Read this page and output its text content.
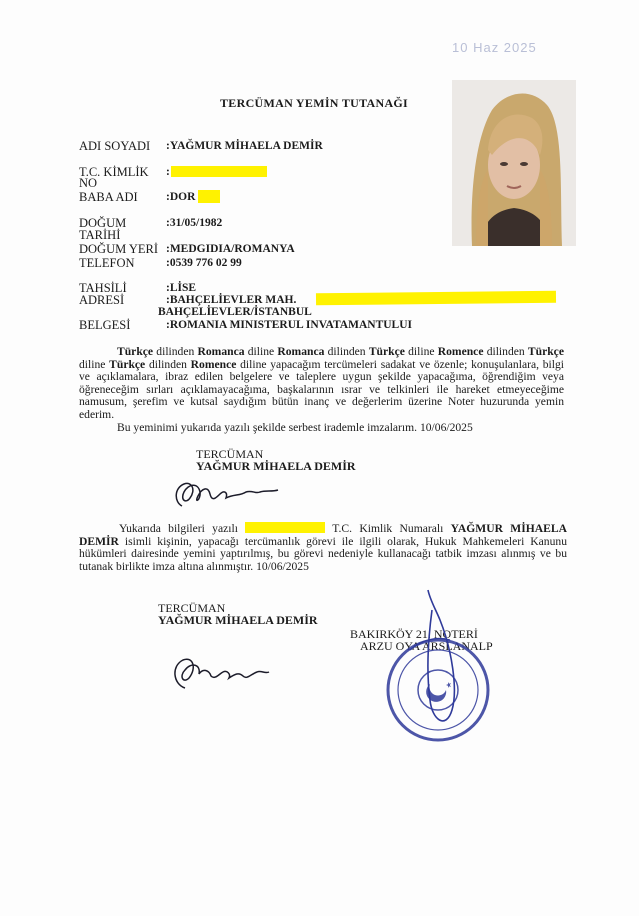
10 Haz 2025
TERCÜMAN YEMİN TUTANAĞI
ADI SOYADI :YAĞMUR MİHAELA DEMİR
T.C. KİMLİK :
NO
BABA ADI :DOR
DOĞUM	:31/05/1982
TARİHİ
DOĞUM YERİ :MEDGIDIA/ROMANYA
TELEFON	:0539 776 02 99
TAHSİLİ	:LİSE
ADRESİ	:BAHÇELİEVLER MAH.
BAHÇELİEVLER/İSTANBUL
BELGESİ	:ROMANIA MINISTERUL INVATAMANTULUI
Türkçe dilinden Romanca diline Romanca dilinden Türkçe diline Romence dilinden Türkçe diline Türkçe dilinden Romence diline yapacağım tercümeleri sadakat ve özenle; konuşulanlara, bilgi ve açıklamalara, ibraz edilen belgelere ve taleplere uygun şekilde yapacağıma, öğrendiğim veya öğreneceğim sırları açıklamayacağıma, başkalarının ısrar ve telkinleri ile hareket etmeyeceğime namusum, şerefim ve kutsal saydığım bütün inanç ve değerlerim üzerine Noter huzurunda yemin ederim.
Bu yeminimi yukarıda yazılı şekilde serbest irademle imzalarım. 10/06/2025
TERCÜMAN
YAĞMUR MİHAELA DEMİR
Yukarıda bilgileri yazılı	T.C. Kimlik Numaralı YAĞMUR MİHAELA DEMİR isimli kişinin, yapacağı tercümanlık görevi ile ilgili olarak, Hukuk Mahkemeleri Kanunu hükümleri dairesinde yemini yaptırılmış, bu görevi nedeniyle kullanacağı tatbik imzası alınmış ve bu tutanak birlikte imza altına alınmıştır. 10/06/2025
TERCÜMAN
YAĞMUR MİHAELA DEMİR
BAKIRKÖY 21. NOTERİ
ARZU OYA ARSLANALP
